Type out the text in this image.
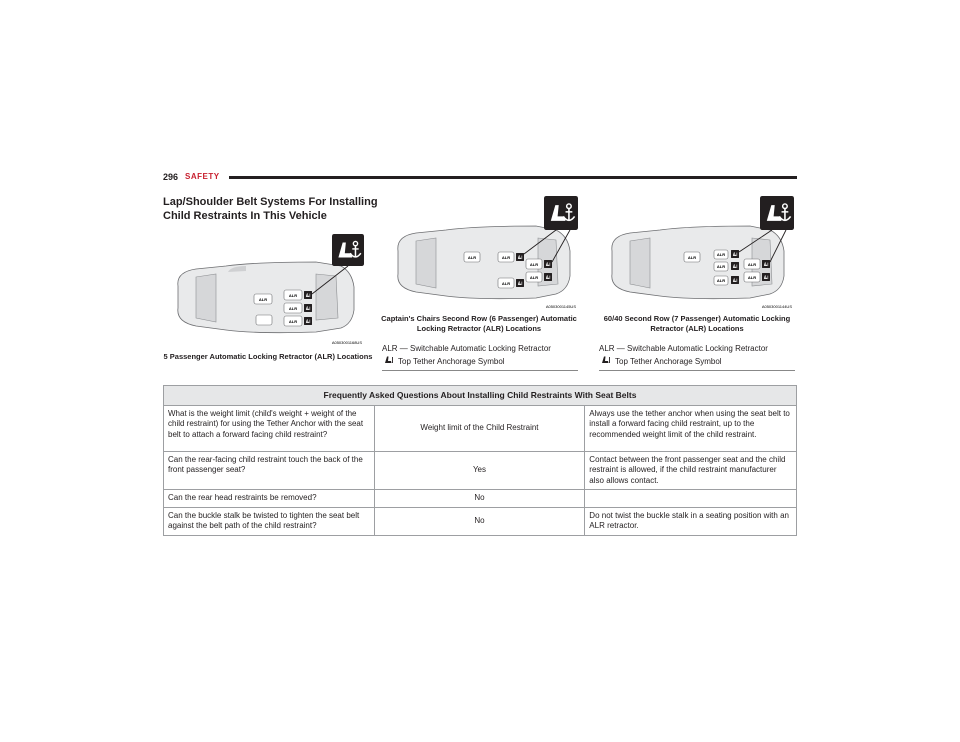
296 SAFETY
Lap/Shoulder Belt Systems For Installing Child Restraints In This Vehicle
ALR
ALR
ALR
ALR
A0503001168US
5 Passenger Automatic Locking Retractor (ALR) Locations
ALR	ALR
ALR
ALR
ALR
A0503001145US
Captain's Chairs Second Row (6 Passenger) Automatic Locking Retractor (ALR) Locations
ALR — Switchable Automatic Locking Retractor
Top Tether Anchorage Symbol
ALR
ALR
ALR
ALR
ALR
ALR
A0503001144US
60/40 Second Row (7 Passenger) Automatic Locking Retractor (ALR) Locations
ALR — Switchable Automatic Locking Retractor
Top Tether Anchorage Symbol
Frequently Asked Questions About Installing Child Restraints With Seat Belts		
What is the weight limit (child's weight + weight of the child restraint) for using the Tether Anchor with the seat belt to attach a forward facing child restraint?	Weight limit of the Child Restraint	Always use the tether anchor when using the seat belt to install a forward facing child restraint, up to the recommended weight limit of the child restraint.
Can the rear-facing child restraint touch the back of the front passenger seat?	Yes	Contact between the front passenger seat and the child restraint is allowed, if the child restraint manufacturer also allows contact.
Can the rear head restraints be removed?	No	
Can the buckle stalk be twisted to tighten the seat belt against the belt path of the child restraint?	No	Do not twist the buckle stalk in a seating position with an ALR retractor.
